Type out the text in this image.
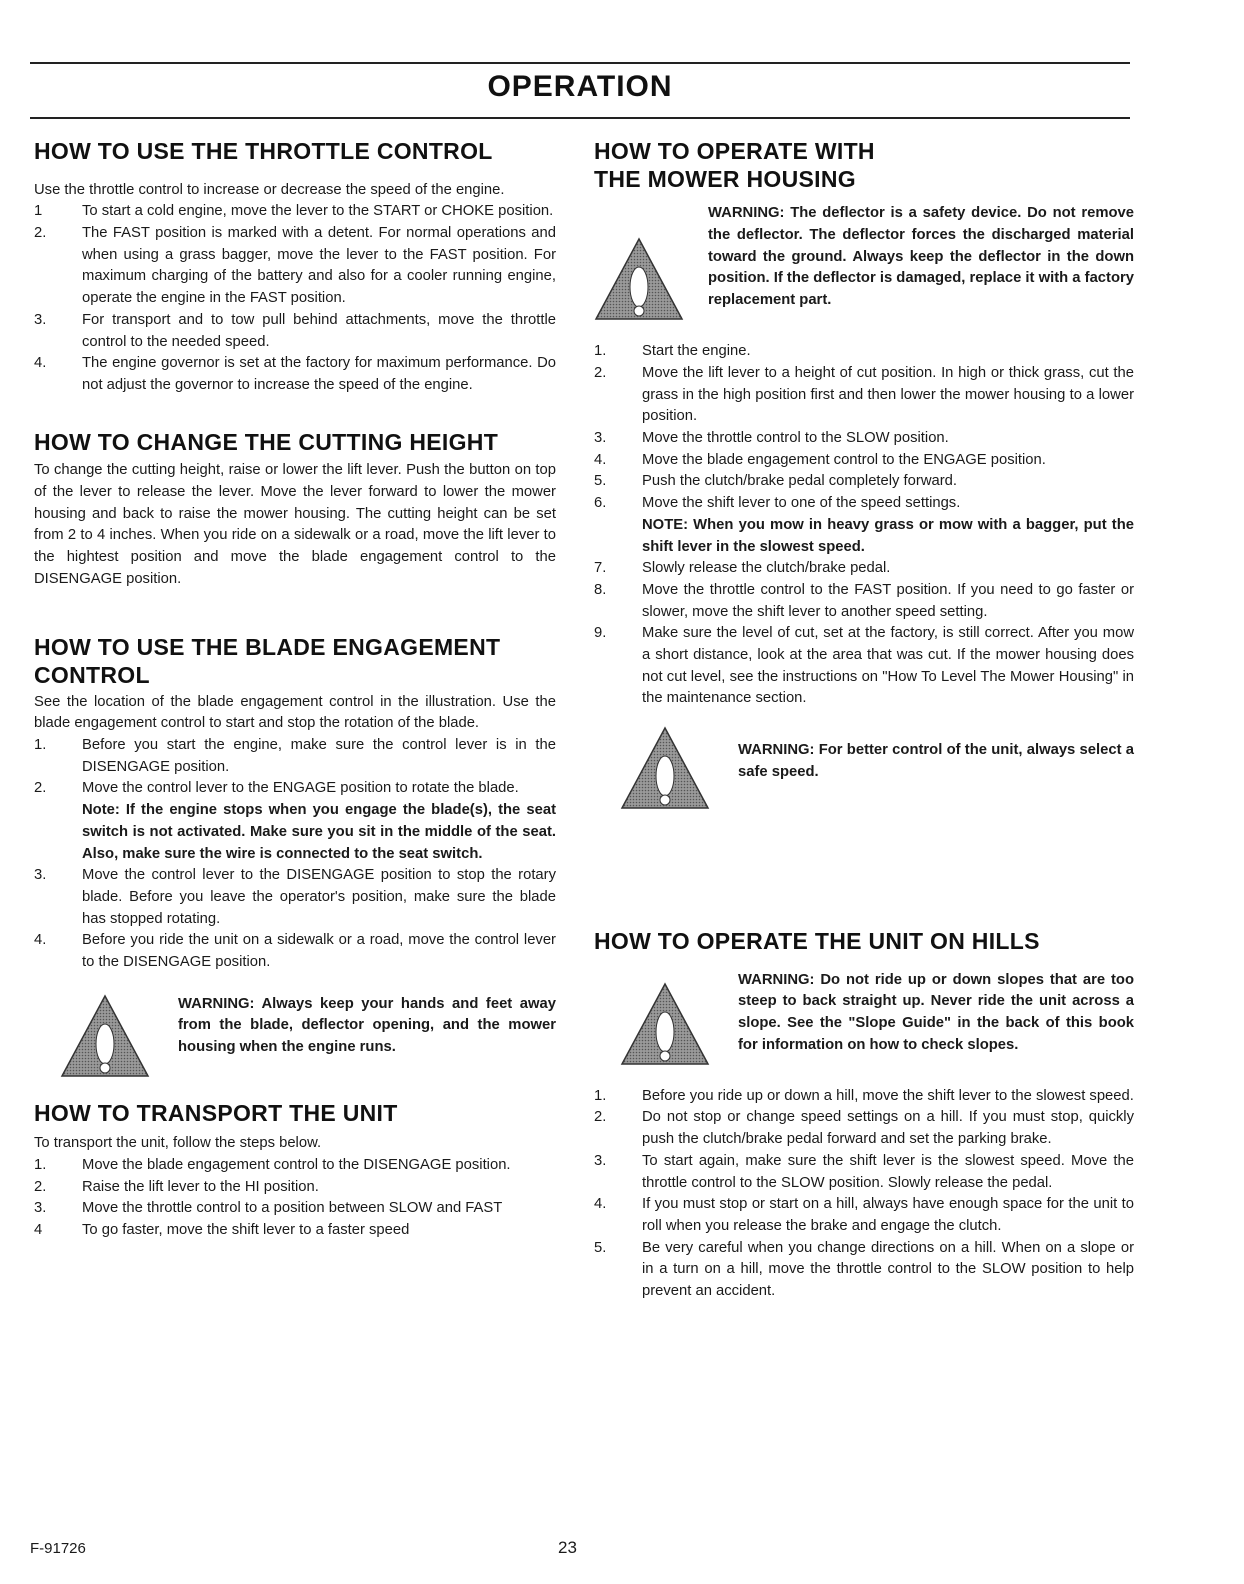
OPERATION
HOW TO USE THE THROTTLE CONTROL

Use the throttle control to increase or decrease the speed of the engine.

1	To start a cold engine, move the lever to the START or CHOKE position.
2.	The FAST position is marked with a detent. For normal operations and when using a grass bagger, move the lever to the FAST position. For maximum charging of the battery and also for a cooler running engine, operate the engine in the FAST position.
3.	For transport and to tow pull behind attachments, move the throttle control to the needed speed.
4.	The engine governor is set at the factory for maximum performance. Do not adjust the governor to increase the speed of the engine.
HOW TO CHANGE THE CUTTING HEIGHT

To change the cutting height, raise or lower the lift lever. Push the button on top of the lever to release the lever. Move the lever forward to lower the mower housing and back to raise the mower housing. The cutting height can be set from 2 to 4 inches. When you ride on a sidewalk or a road, move the lift lever to the hightest position and move the blade engagement control to the DISENGAGE position.

HOW TO USE THE BLADE ENGAGEMENT CONTROL

See the location of the blade engagement control in the illustration. Use the blade engagement control to start and stop the rotation of the blade.

1.	Before you start the engine, make sure the control lever is in the DISENGAGE position.
2.	Move the control lever to the ENGAGE position to rotate the blade.
Note: If the engine stops when you engage the blade(s), the seat switch is not activated. Make sure you sit in the middle of the seat. Also, make sure the wire is connected to the seat switch.
3.	Move the control lever to the DISENGAGE position to stop the rotary blade. Before you leave the operator's position, make sure the blade has stopped rotating.
4.	Before you ride the unit on a sidewalk or a road, move the control lever to the DISENGAGE position.
WARNING: Always keep your hands and feet away from the blade, deflector opening, and the mower housing when the engine runs.
HOW TO TRANSPORT THE UNIT

To transport the unit, follow the steps below.

1.	Move the blade engagement control to the DISENGAGE position.
2.	Raise the lift lever to the HI position.
3.	Move the throttle control to a position between SLOW and FAST
4	To go faster, move the shift lever to a faster speed
HOW TO OPERATE WITH THE MOWER HOUSING
WARNING: The deflector is a safety device. Do not remove the deflector. The deflector forces the discharged material toward the ground. Always keep the deflector in the down position. If the deflector is damaged, replace it with a factory replacement part.
1.	Start the engine.
2.	Move the lift lever to a height of cut position. In high or thick grass, cut the grass in the high position first and then lower the mower housing to a lower position.
3.	Move the throttle control to the SLOW position.
4.	Move the blade engagement control to the ENGAGE position.
5.	Push the clutch/brake pedal completely forward.
6.	Move the shift lever to one of the speed settings.
NOTE: When you mow in heavy grass or mow with a bagger, put the shift lever in the slowest speed.
7.	Slowly release the clutch/brake pedal.
8.	Move the throttle control to the FAST position. If you need to go faster or slower, move the shift lever to another speed setting.
9.	Make sure the level of cut, set at the factory, is still correct. After you mow a short distance, look at the area that was cut. If the mower housing does not cut level, see the instructions on "How To Level The Mower Housing" in the maintenance section.
WARNING: For better control of the unit, always select a safe speed.
HOW TO OPERATE THE UNIT ON HILLS
WARNING: Do not ride up or down slopes that are too steep to back straight up. Never ride the unit across a slope. See the "Slope Guide" in the back of this book for information on how to check slopes.
1.	Before you ride up or down a hill, move the shift lever to the slowest speed.
2.	Do not stop or change speed settings on a hill. If you must stop, quickly push the clutch/brake pedal forward and set the parking brake.
3.	To start again, make sure the shift lever is the slowest speed. Move the throttle control to the SLOW position. Slowly release the pedal.
4.	If you must stop or start on a hill, always have enough space for the unit to roll when you release the brake and engage the clutch.
5.	Be very careful when you change directions on a hill. When on a slope or in a turn on a hill, move the throttle control to the SLOW position to help prevent an accident.
F-91726	23
